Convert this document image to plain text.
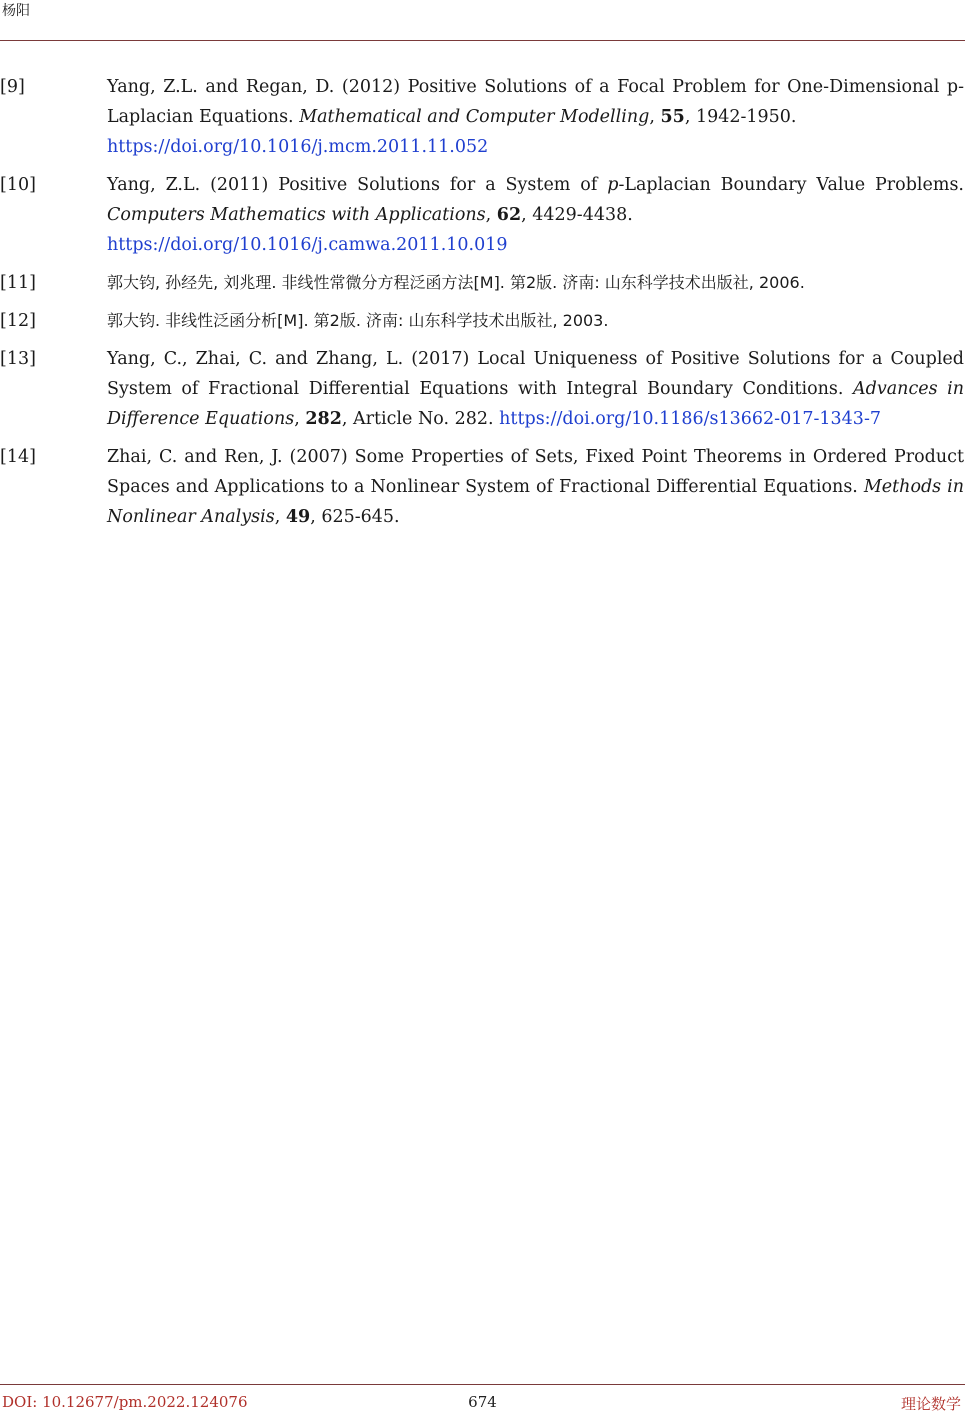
杨阳
[9]	Yang, Z.L. and Regan, D. (2012) Positive Solutions of a Focal Problem for One-Dimensional p-Laplacian Equations. Mathematical and Computer Modelling, 55, 1942-1950.
https://doi.org/10.1016/j.mcm.2011.11.052
[10]	Yang, Z.L. (2011) Positive Solutions for a System of p-Laplacian Boundary Value Problems. Computers Mathematics with Applications, 62, 4429-4438.
https://doi.org/10.1016/j.camwa.2011.10.019
[11]	郭大钧, 孙经先, 刘兆理. 非线性常微分方程泛函方法[M]. 第2版. 济南: 山东科学技术出版社, 2006.
[12]	郭大钧. 非线性泛函分析[M]. 第2版. 济南: 山东科学技术出版社, 2003.
[13]	Yang, C., Zhai, C. and Zhang, L. (2017) Local Uniqueness of Positive Solutions for a Coupled System of Fractional Differential Equations with Integral Boundary Conditions. Advances in Difference Equations, 282, Article No. 282. https://doi.org/10.1186/s13662-017-1343-7
[14]	Zhai, C. and Ren, J. (2007) Some Properties of Sets, Fixed Point Theorems in Ordered Product Spaces and Applications to a Nonlinear System of Fractional Differential Equations. Methods in Nonlinear Analysis, 49, 625-645.
DOI: 10.12677/pm.2022.124076	674	理论数学
